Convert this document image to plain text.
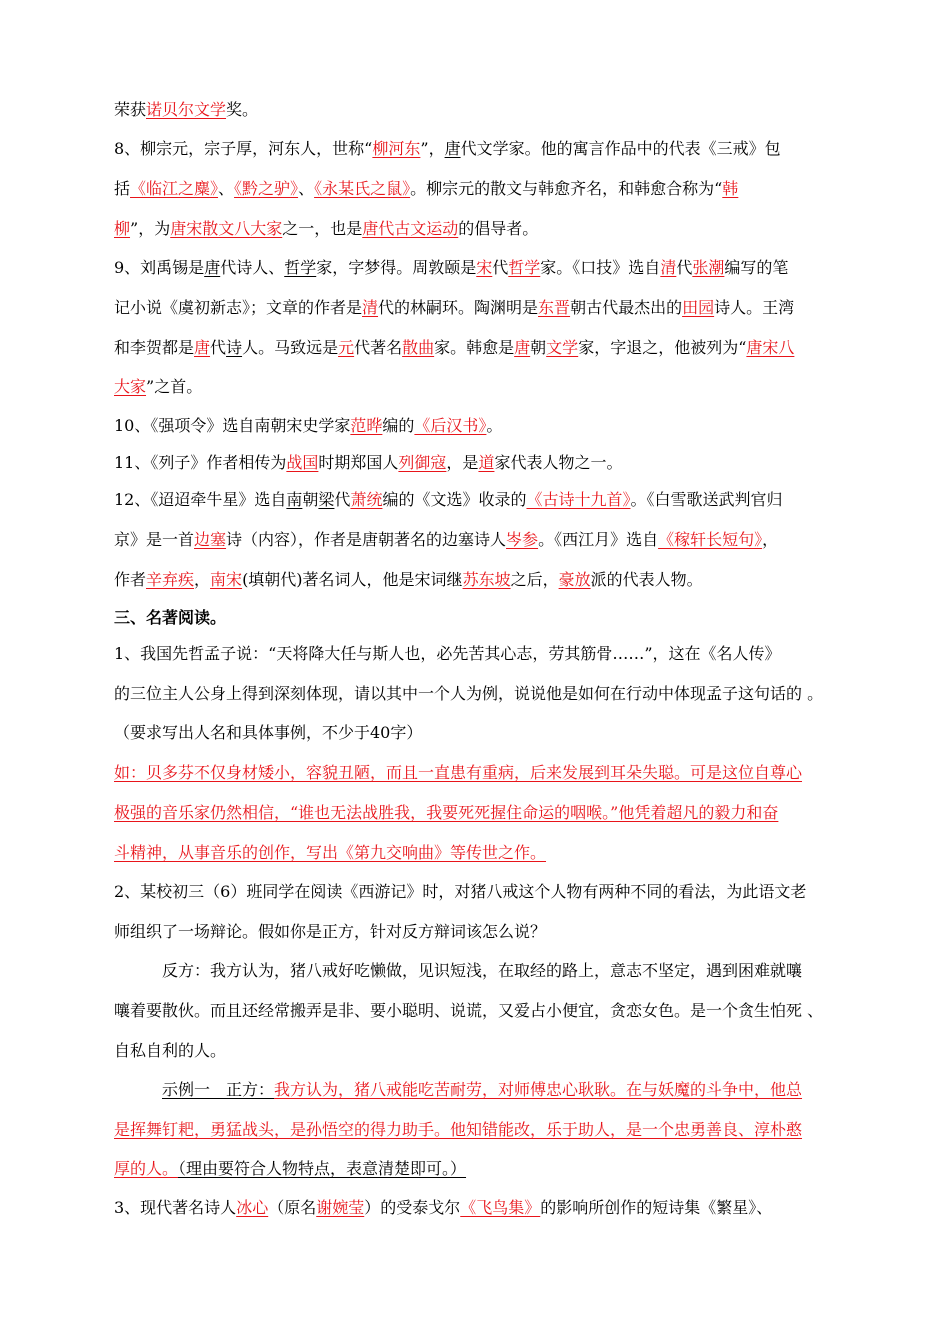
荣获诺贝尔文学奖。
8、柳宗元，宗子厚，河东人，世称“柳河东”，唐代文学家。他的寓言作品中的代表《三戒》包
括《临江之麋》、《黔之驴》、《永某氏之鼠》。柳宗元的散文与韩愈齐名，和韩愈合称为“韩
柳”，为唐宋散文八大家之一，也是唐代古文运动的倡导者。
9、刘禹锡是唐代诗人、哲学家，字梦得。周敦颐是宋代哲学家。《口技》选自清代张潮编写的笔
记小说《虞初新志》；文章的作者是清代的林嗣环。陶渊明是东晋朝古代最杰出的田园诗人。王湾
和李贺都是唐代诗人。马致远是元代著名散曲家。韩愈是唐朝文学家，字退之，他被列为“唐宋八
大家”之首。
10、《强项令》选自南朝宋史学家范晔编的《后汉书》。
11、《列子》作者相传为战国时期郑国人列御寇，是道家代表人物之一。
12、《迢迢牵牛星》选自南朝梁代萧统编的《文选》收录的《古诗十九首》。《白雪歌送武判官归
京》是一首边塞诗（内容），作者是唐朝著名的边塞诗人岑参。《西江月》选自《稼轩长短句》，
作者辛弃疾，南宋(填朝代)著名词人，他是宋词继苏东坡之后，豪放派的代表人物。
三、名著阅读。
1、我国先哲孟子说：“天将降大任与斯人也，必先苦其心志，劳其筋骨……”，这在《名人传》
的三位主人公身上得到深刻体现，请以其中一个人为例，说说他是如何在行动中体现孟子这句话的 。
（要求写出人名和具体事例，不少于40字）
如：贝多芬不仅身材矮小，容貌丑陋，而且一直患有重病，后来发展到耳朵失聪。可是这位自尊心
极强的音乐家仍然相信，“谁也无法战胜我，我要死死握住命运的咽喉。”他凭着超凡的毅力和奋
斗精神，从事音乐的创作，写出《第九交响曲》等传世之作。
2、某校初三（6）班同学在阅读《西游记》时，对猪八戒这个人物有两种不同的看法，为此语文老
师组织了一场辩论。假如你是正方，针对反方辩词该怎么说？
反方：我方认为，猪八戒好吃懒做，见识短浅，在取经的路上，意志不坚定，遇到困难就嚷
嚷着要散伙。而且还经常搬弄是非、要小聪明、说谎，又爱占小便宜，贪恋女色。是一个贪生怕死 、
自私自利的人。
示例一　正方：我方认为，猪八戒能吃苦耐劳，对师傅忠心耿耿。在与妖魔的斗争中，他总
是挥舞钉耙，勇猛战头，是孙悟空的得力助手。他知错能改，乐于助人，是一个忠勇善良、淳朴憨
厚的人。（理由要符合人物特点，表意清楚即可。）
3、现代著名诗人冰心（原名谢婉莹）的受泰戈尔《飞鸟集》的影响所创作的短诗集《繁星》、
